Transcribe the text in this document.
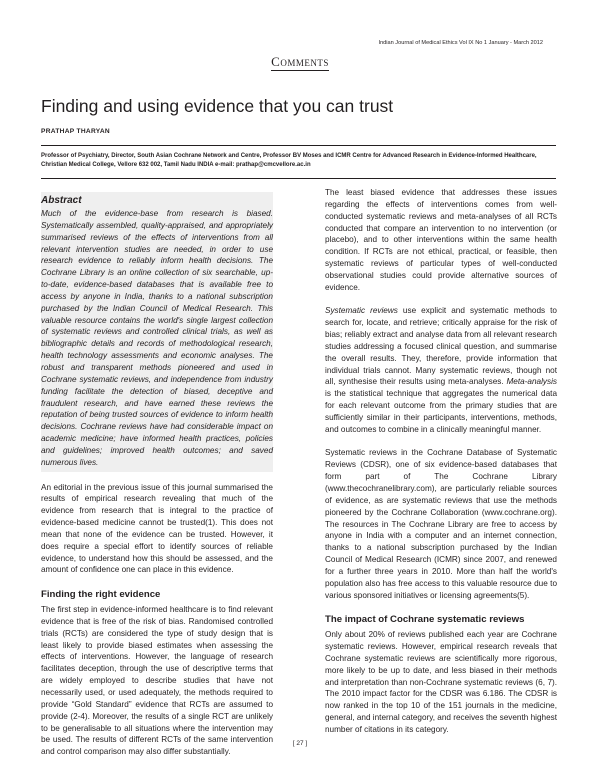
Indian Journal of Medical Ethics Vol IX No 1 January - March 2012
Comments
Finding and using evidence that you can trust
PRATHAP THARYAN
Professor of Psychiatry, Director, South Asian Cochrane Network and Centre, Professor BV Moses and ICMR Centre for Advanced Research in Evidence-Informed Healthcare, Christian Medical College, Vellore 632 002, Tamil Nadu INDIA e-mail: prathap@cmcvellore.ac.in
Abstract

Much of the evidence-base from research is biased. Systematically assembled, quality-appraised, and appropriately summarised reviews of the effects of interventions from all relevant intervention studies are needed, in order to use research evidence to reliably inform health decisions. The Cochrane Library is an online collection of six searchable, up-to-date, evidence-based databases that is available free to access by anyone in India, thanks to a national subscription purchased by the Indian Council of Medical Research. This valuable resource contains the world's single largest collection of systematic reviews and controlled clinical trials, as well as bibliographic details and records of methodological research, health technology assessments and economic analyses. The robust and transparent methods pioneered and used in Cochrane systematic reviews, and independence from industry funding facilitate the detection of biased, deceptive and fraudulent research, and have earned these reviews the reputation of being trusted sources of evidence to inform health decisions. Cochrane reviews have had considerable impact on academic medicine; have informed health practices, policies and guidelines; improved health outcomes; and saved numerous lives.

An editorial in the previous issue of this journal summarised the results of empirical research revealing that much of the evidence from research that is integral to the practice of evidence-based medicine cannot be trusted(1). This does not mean that none of the evidence can be trusted. However, it does require a special effort to identify sources of reliable evidence, to understand how this should be assessed, and the amount of confidence one can place in this evidence.

Finding the right evidence

The first step in evidence-informed healthcare is to find relevant evidence that is free of the risk of bias. Randomised controlled trials (RCTs) are considered the type of study design that is least likely to provide biased estimates when assessing the effects of interventions. However, the language of research facilitates deception, through the use of descriptive terms that are widely employed to describe studies that have not necessarily used, or used adequately, the methods required to provide “Gold Standard” evidence that RCTs are assumed to provide (2-4). Moreover, the results of a single RCT are unlikely to be generalisable to all situations where the intervention may be used. The results of different RCTs of the same intervention and control comparison may also differ substantially.

The least biased evidence that addresses these issues regarding the effects of interventions comes from well-conducted systematic reviews and meta-analyses of all RCTs conducted that compare an intervention to no intervention (or placebo), and to other interventions within the same health condition. If RCTs are not ethical, practical, or feasible, then systematic reviews of particular types of well-conducted observational studies could provide alternative sources of evidence.

Systematic reviews use explicit and systematic methods to search for, locate, and retrieve; critically appraise for the risk of bias; reliably extract and analyse data from all relevant research studies addressing a focused clinical question, and summarise the overall results. They, therefore, provide information that individual trials cannot. Many systematic reviews, though not all, synthesise their results using meta-analyses. Meta-analysis is the statistical technique that aggregates the numerical data for each relevant outcome from the primary studies that are sufficiently similar in their participants, interventions, methods, and outcomes to combine in a clinically meaningful manner.

Systematic reviews in the Cochrane Database of Systematic Reviews (CDSR), one of six evidence-based databases that form part of The Cochrane Library (www.thecochranelibrary.com), are particularly reliable sources of evidence, as are systematic reviews that use the methods pioneered by the Cochrane Collaboration (www.cochrane.org). The resources in The Cochrane Library are free to access by anyone in India with a computer and an internet connection, thanks to a national subscription purchased by the Indian Council of Medical Research (ICMR) since 2007, and renewed for a further three years in 2010. More than half the world's population also has free access to this valuable resource due to various sponsored initiatives or licensing agreements(5).

The impact of Cochrane systematic reviews

Only about 20% of reviews published each year are Cochrane systematic reviews. However, empirical research reveals that Cochrane systematic reviews are scientifically more rigorous, more likely to be up to date, and less biased in their methods and interpretation than non-Cochrane systematic reviews (6, 7). The 2010 impact factor for the CDSR was 6.186. The CDSR is now ranked in the top 10 of the 151 journals in the medicine, general, and internal category, and receives the seventh highest number of citations in its category.

[ 27 ]
